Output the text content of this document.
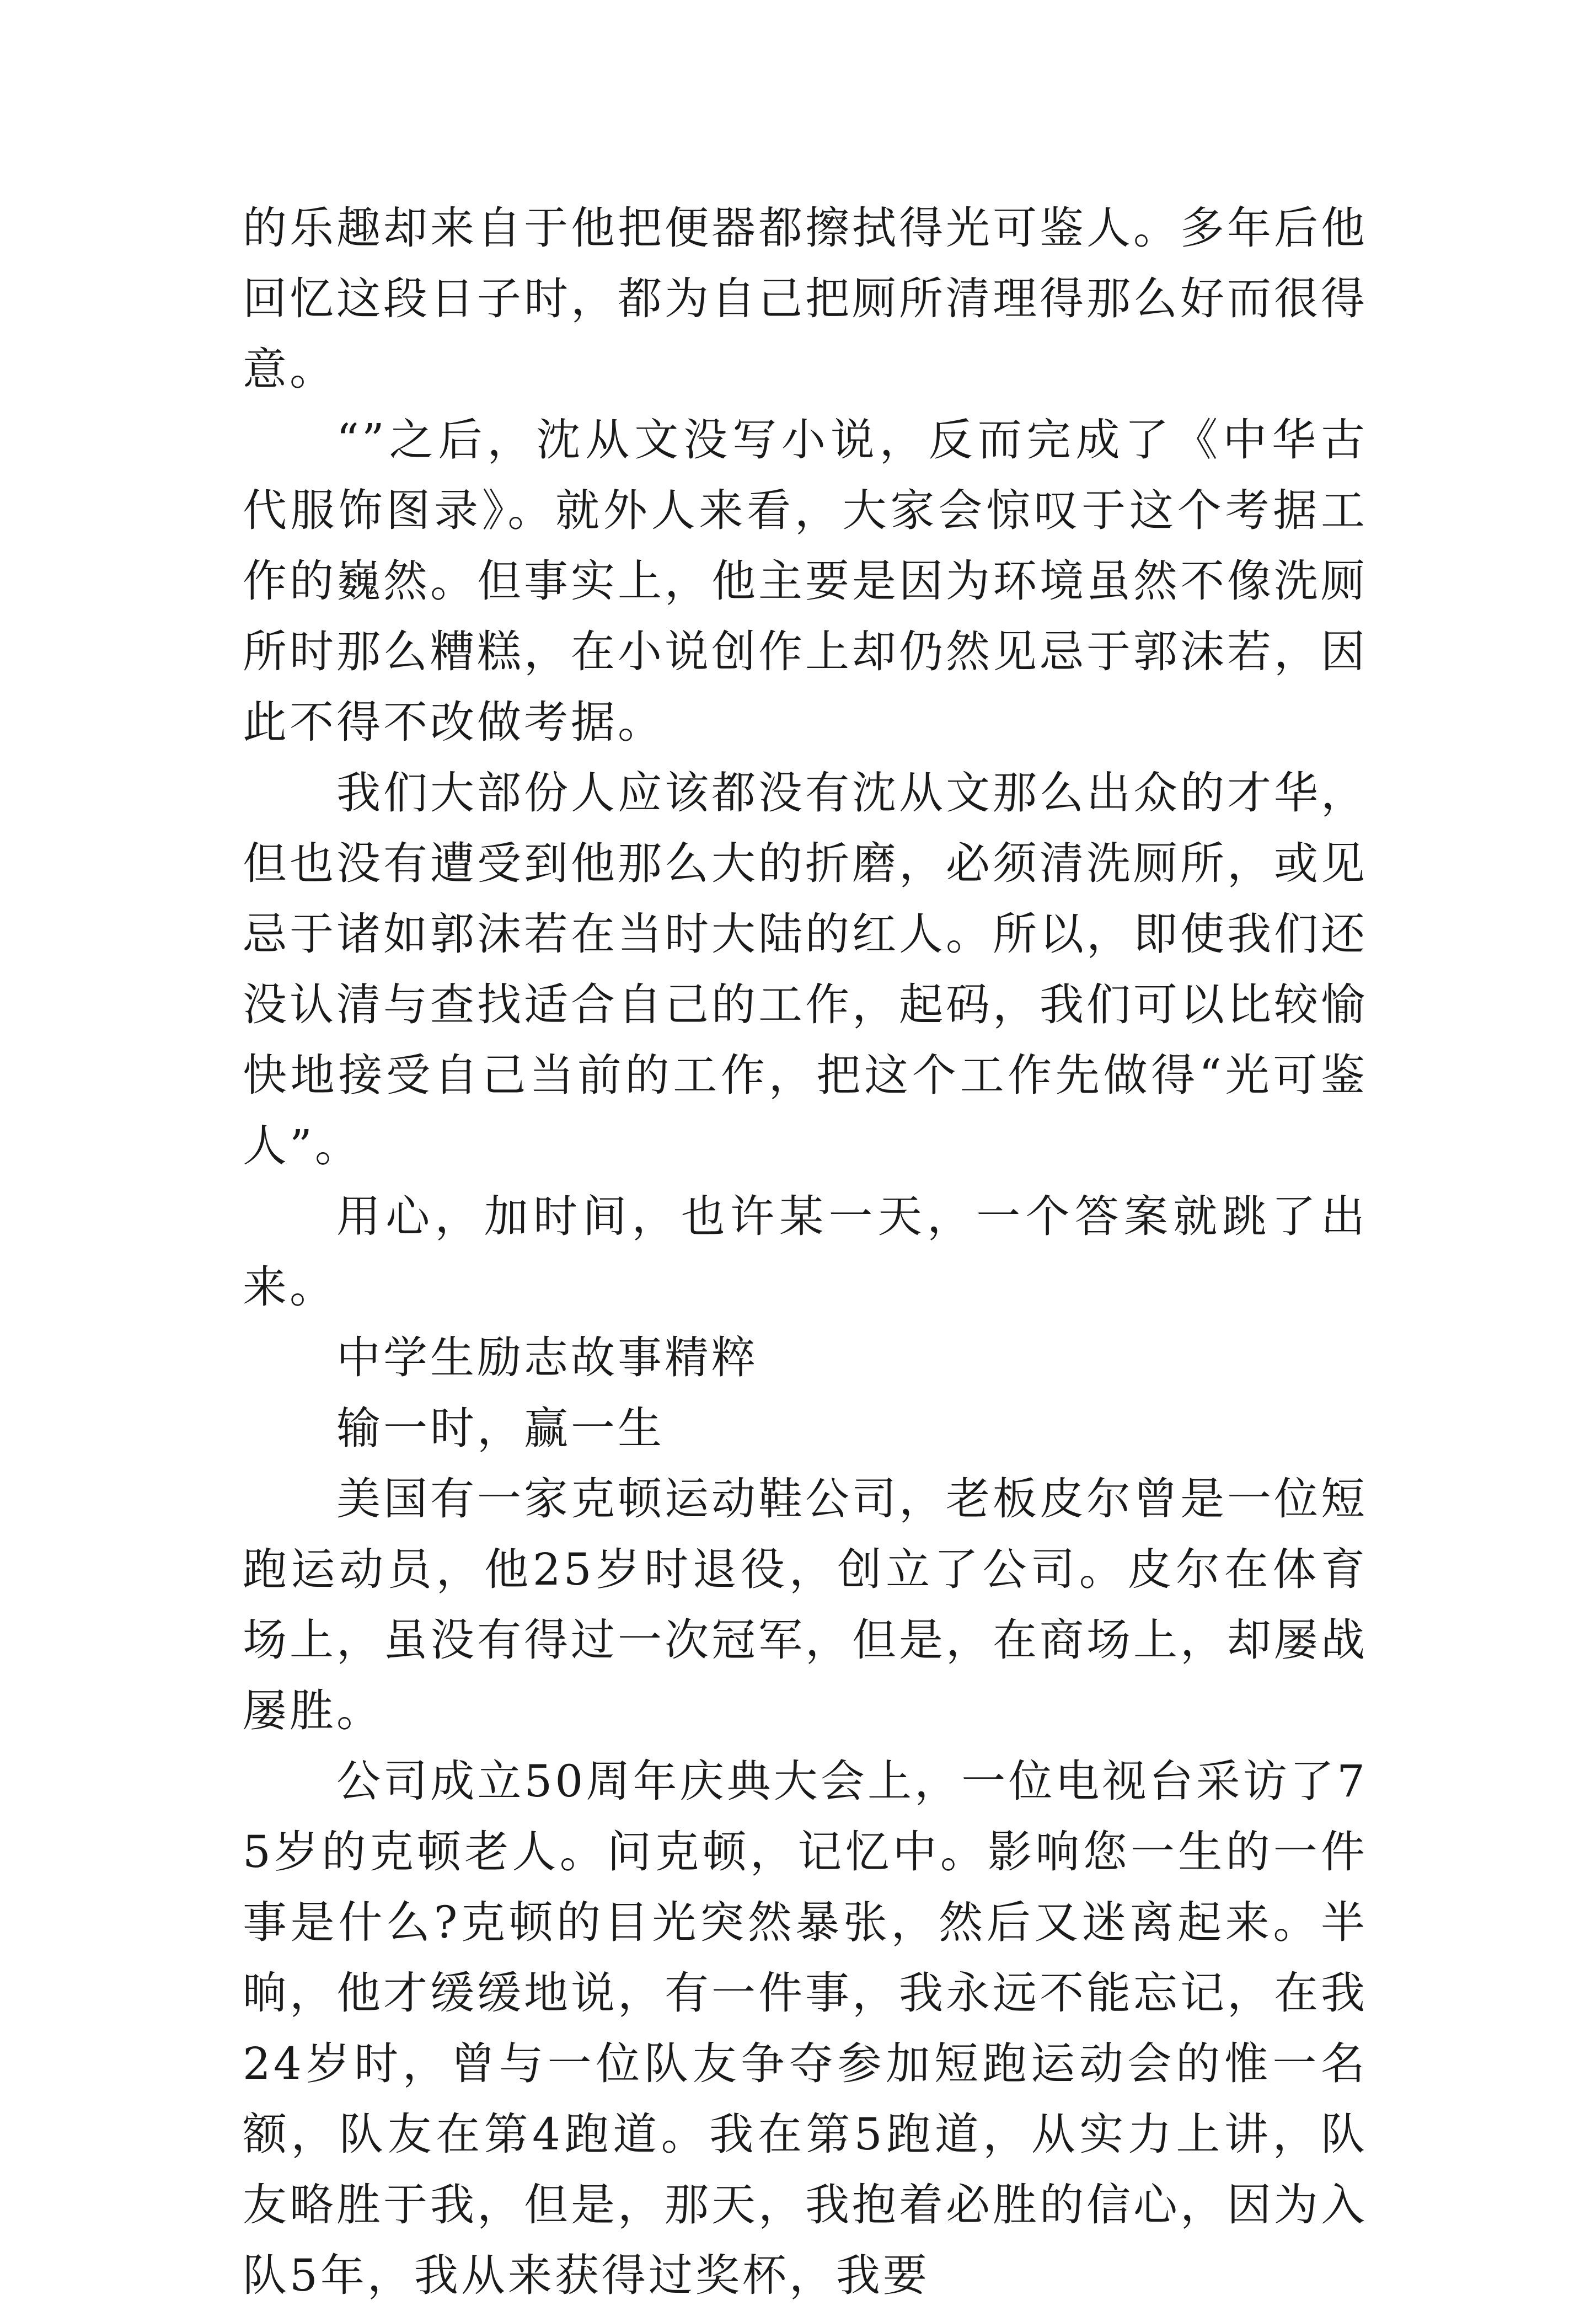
的乐趣却来自于他把便器都擦拭得光可鉴人。多年后他回忆这段日子时，都为自己把厕所清理得那么好而很得意。

“”之后，沈从文没写小说，反而完成了《中华古代服饰图录》。就外人来看，大家会惊叹于这个考据工作的巍然。但事实上，他主要是因为环境虽然不像洗厕所时那么糟糕，在小说创作上却仍然见忌于郭沫若，因此不得不改做考据。

我们大部份人应该都没有沈从文那么出众的才华，但也没有遭受到他那么大的折磨，必须清洗厕所，或见忌于诸如郭沫若在当时大陆的红人。所以，即使我们还没认清与查找适合自己的工作，起码，我们可以比较愉快地接受自己当前的工作，把这个工作先做得“光可鉴人”。

用心，加时间，也许某一天，一个答案就跳了出来。

中学生励志故事精粹

输一时，赢一生

美国有一家克顿运动鞋公司，老板皮尔曾是一位短跑运动员，他25岁时退役，创立了公司。皮尔在体育场上，虽没有得过一次冠军，但是，在商场上，却屡战屡胜。

公司成立50周年庆典大会上，一位电视台采访了75岁的克顿老人。问克顿，记忆中。影响您一生的一件事是什么?克顿的目光突然暴张，然后又迷离起来。半晌，他才缓缓地说，有一件事，我永远不能忘记，在我24岁时，曾与一位队友争夺参加短跑运动会的惟一名额，队友在第4跑道。我在第5跑道，从实力上讲，队友略胜于我，但是，那天，我抱着必胜的信心，因为入队5年，我从来获得过奖杯，我要
